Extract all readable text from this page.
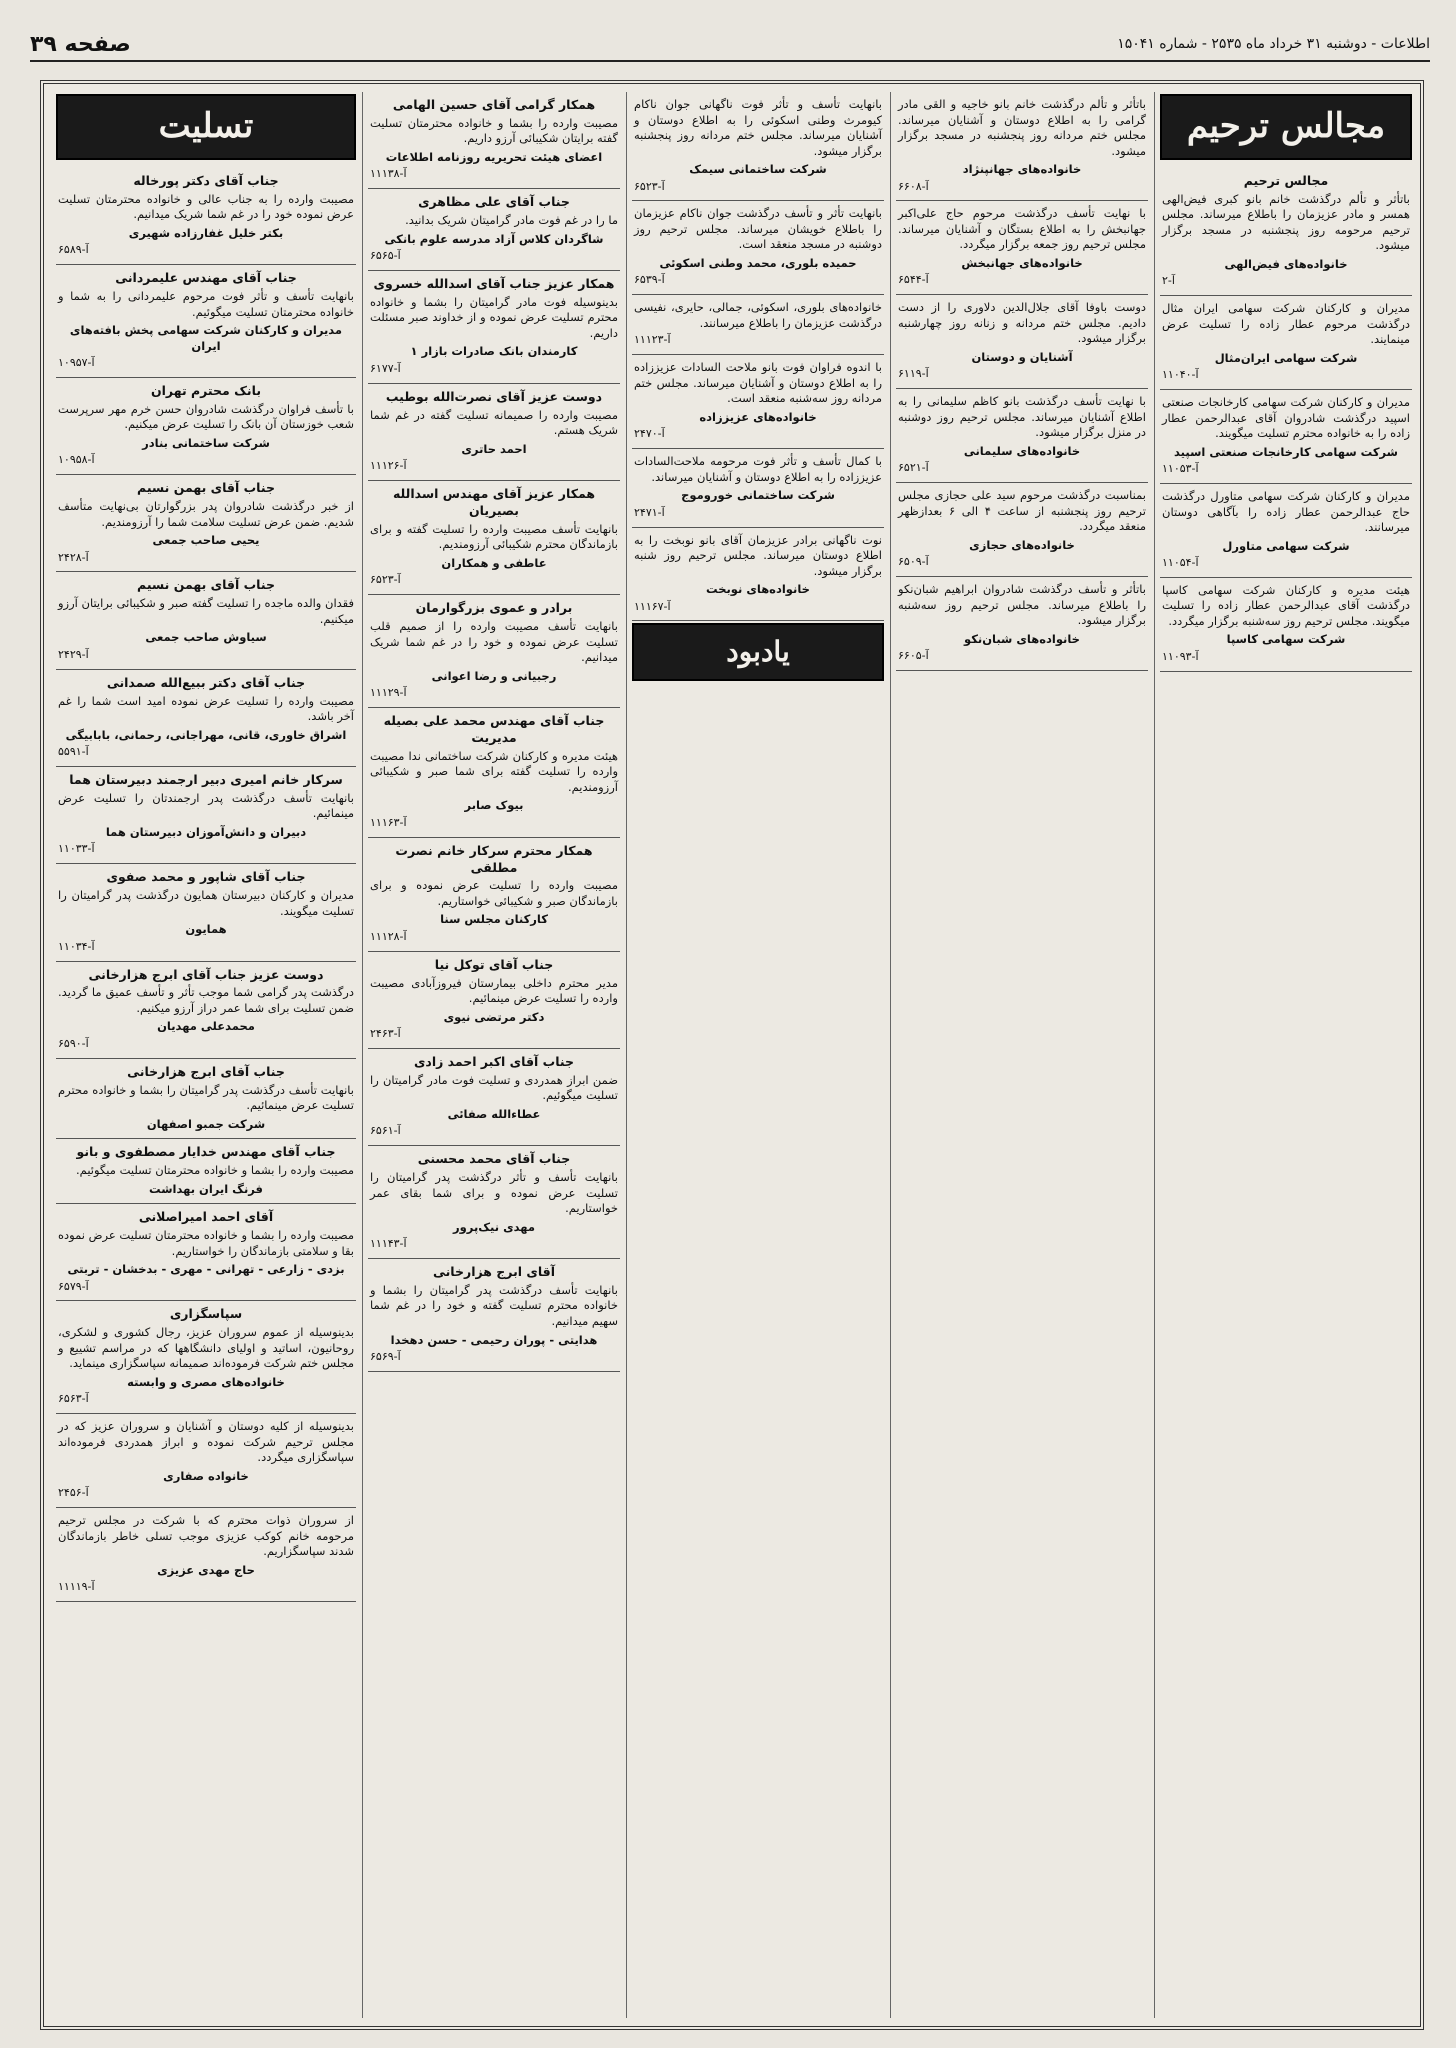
اطلاعات - دوشنبه ۳۱ خرداد ماه ۲۵۳۵ - شماره ۱۵۰۴۱
صفحه ۳۹
مجالس ترحیم
مجالس ترحیم
باتأثر و تألم درگذشت خانم بانو کبری فیض‌الهی همسر و مادر عزیزمان را باطلاع میرساند. مجلس ترحیم مرحومه روز پنجشنبه در مسجد برگزار میشود.
خانواده‌های فیض‌الهی
آ-۲
مدیران و کارکنان شرکت سهامی ایران مثال درگذشت مرحوم عطار زاده را تسلیت عرض مینمایند.
شرکت سهامی ایران‌مثال
آ-۱۱۰۴۰
مدیران و کارکنان شرکت سهامی کارخانجات صنعتی اسپید درگذشت شادروان آقای عبدالرحمن عطار زاده را به خانواده محترم تسلیت میگویند.
شرکت سهامی کارخانجات صنعتی اسپید
آ-۱۱۰۵۳
مدیران و کارکنان شرکت سهامی متاورل درگذشت حاج عبدالرحمن عطار زاده را بآگاهی دوستان میرسانند.
شرکت سهامی متاورل
آ-۱۱۰۵۴
هیئت مدیره و کارکنان شرکت سهامی کاسپا درگذشت آقای عبدالرحمن عطار زاده را تسلیت میگویند. مجلس ترحیم روز سه‌شنبه برگزار میگردد.
شرکت سهامی کاسپا
آ-۱۱۰۹۳
باتأثر و تألم درگذشت خانم بانو خاجیه و القی مادر گرامی را به اطلاع دوستان و آشنایان میرساند. مجلس ختم مردانه روز پنجشنبه در مسجد برگزار میشود.
خانواده‌های جهانپنژاد
آ-۶۶۰۸
با نهایت تأسف درگذشت مرحوم حاج علی‌اکبر جهانبخش را به اطلاع بستگان و آشنایان میرساند. مجلس ترحیم روز جمعه برگزار میگردد.
خانواده‌های جهانبخش
آ-۶۵۴۴
دوست باوفا آقای جلال‌الدین دلاوری را از دست دادیم. مجلس ختم مردانه و زنانه روز چهارشنبه برگزار میشود.
آشنایان و دوستان
آ-۶۱۱۹
با نهایت تأسف درگذشت بانو کاظم سلیمانی را به اطلاع آشنایان میرساند. مجلس ترحیم روز دوشنبه در منزل برگزار میشود.
خانواده‌های سلیمانی
آ-۶۵۲۱
بمناسبت درگذشت مرحوم سید علی حجازی مجلس ترحیم روز پنجشنبه از ساعت ۴ الی ۶ بعدازظهر منعقد میگردد.
خانواده‌های حجازی
آ-۶۵۰۹
باتأثر و تأسف درگذشت شادروان ابراهیم شبان‌نکو را باطلاع میرساند. مجلس ترحیم روز سه‌شنبه برگزار میشود.
خانواده‌های شبان‌نکو
آ-۶۶۰۵
بانهایت تأسف و تأثر فوت ناگهانی جوان ناکام کیومرث وطنی اسکوئی را به اطلاع دوستان و آشنایان میرساند. مجلس ختم مردانه روز پنجشنبه برگزار میشود.
شرکت ساختمانی سیمک
آ-۶۵۲۳
بانهایت تأثر و تأسف درگذشت جوان ناکام عزیزمان را باطلاع خویشان میرساند. مجلس ترحیم روز دوشنبه در مسجد منعقد است.
حمیده بلوری، محمد وطنی اسکوئی
آ-۶۵۳۹
خانواده‌های بلوری، اسکوئی، جمالی، حایری، نفیسی درگذشت عزیزمان را باطلاع میرسانند.
آ-۱۱۱۲۳
با اندوه فراوان فوت بانو ملاحت السادات عزیززاده را به اطلاع دوستان و آشنایان میرساند. مجلس ختم مردانه روز سه‌شنبه منعقد است.
خانواده‌های عزیززاده
آ-۲۴۷۰
با کمال تأسف و تأثر فوت مرحومه ملاحت‌السادات عزیززاده را به اطلاع دوستان و آشنایان میرساند.
شرکت ساختمانی خوروموج
آ-۲۴۷۱
نوت ناگهانی برادر عزیزمان آقای بانو نوبخت را به اطلاع دوستان میرساند. مجلس ترحیم روز شنبه برگزار میشود.
خانواده‌های نوبخت
آ-۱۱۱۶۷
یادبود
همکار گرامی آقای حسین الهامی
مصیبت وارده را بشما و خانواده محترمتان تسلیت گفته برایتان شکیبائی آرزو داریم.
اعضای هیئت تحریریه روزنامه اطلاعات
آ-۱۱۱۳۸
جناب آقای علی مظاهری
ما را در غم فوت مادر گرامیتان شریک بدانید.
شاگردان کلاس آزاد مدرسه علوم بانکی
آ-۶۵۶۵
همکار عزیز جناب آقای اسدالله خسروی
بدینوسیله فوت مادر گرامیتان را بشما و خانواده محترم تسلیت عرض نموده و از خداوند صبر مسئلت داریم.
کارمندان بانک صادرات بازار ۱
آ-۶۱۷۷
دوست عزیز آقای نصرت‌الله بوطیب
مصیبت وارده را صمیمانه تسلیت گفته در غم شما شریک هستم.
احمد حاتری
آ-۱۱۱۲۶
همکار عزیز آقای مهندس اسدالله بصیریان
بانهایت تأسف مصیبت وارده را تسلیت گفته و برای بازماندگان محترم شکیبائی آرزومندیم.
عاطفی و همکاران
آ-۶۵۲۳
برادر و عموی بزرگوارمان
بانهایت تأسف مصیبت وارده را از صمیم قلب تسلیت عرض نموده و خود را در غم شما شریک میدانیم.
رجبیانی و رضا اعوانی
آ-۱۱۱۲۹
جناب آقای مهندس محمد علی بصیله مدیریت
هیئت مدیره و کارکنان شرکت ساختمانی ندا مصیبت وارده را تسلیت گفته برای شما صبر و شکیبائی آرزومندیم.
بیوک صابر
آ-۱۱۱۶۳
همکار محترم سرکار خانم نصرت مطلقی
مصیبت وارده را تسلیت عرض نموده و برای بازماندگان صبر و شکیبائی خواستاریم.
کارکنان مجلس سنا
آ-۱۱۱۲۸
جناب آقای توکل نیا
مدیر محترم داخلی بیمارستان فیروزآبادی مصیبت وارده را تسلیت عرض مینمائیم.
دکتر مرتضی نیوی
آ-۲۴۶۳
جناب آقای اکبر احمد زادی
ضمن ابراز همدردی و تسلیت فوت مادر گرامیتان را تسلیت میگوئیم.
عطاءالله صفائی
آ-۶۵۶۱
جناب آقای محمد محسنی
بانهایت تأسف و تأثر درگذشت پدر گرامیتان را تسلیت عرض نموده و برای شما بقای عمر خواستاریم.
مهدی نیک‌پرور
آ-۱۱۱۴۳
آقای ابرج هزارخانی
بانهایت تأسف درگذشت پدر گرامیتان را بشما و خانواده محترم تسلیت گفته و خود را در غم شما سهیم میدانیم.
هدایتی - پوران رحیمی - حسن دهخدا
آ-۶۵۶۹
تسلیت
جناب آقای دکتر پورخاله
مصیبت وارده را به جناب عالی و خانواده محترمتان تسلیت عرض نموده خود را در غم شما شریک میدانیم.
بکتر خلیل غفارزاده شهیری
آ-۶۵۸۹
جناب آقای مهندس علیمردانی
بانهایت تأسف و تأثر فوت مرحوم علیمردانی را به شما و خانواده محترمتان تسلیت میگوئیم.
مدیران و کارکنان شرکت سهامی پخش بافته‌های ایران
آ-۱۰۹۵۷
بانک محترم تهران
با تأسف فراوان درگذشت شادروان حسن خرم مهر سرپرست شعب خوزستان آن بانک را تسلیت عرض میکنیم.
شرکت ساختمانی بنادر
آ-۱۰۹۵۸
جناب آقای بهمن نسیم
از خبر درگذشت شادروان پدر بزرگوارتان بی‌نهایت متأسف شدیم. ضمن عرض تسلیت سلامت شما را آرزومندیم.
یحیی صاحب جمعی
آ-۲۴۲۸
جناب آقای بهمن نسیم
فقدان والده ماجده را تسلیت گفته صبر و شکیبائی برایتان آرزو میکنیم.
سیاوش صاحب جمعی
آ-۲۴۲۹
جناب آقای دکتر ببیع‌الله صمدانی
مصیبت وارده را تسلیت عرض نموده امید است شما را غم آخر باشد.
اشراق خاوری، قانی، مهراجانی، رحمانی، بابابیگی
آ-۵۵۹۱
سرکار خانم امیری دبیر ارجمند دبیرستان هما
بانهایت تأسف درگذشت پدر ارجمندتان را تسلیت عرض مینمائیم.
دبیران و دانش‌آموزان دبیرستان هما
آ-۱۱۰۳۳
جناب آقای شاپور و محمد صفوی
مدیران و کارکنان دبیرستان همایون درگذشت پدر گرامیتان را تسلیت میگویند.
همایون
آ-۱۱۰۳۴
دوست عزیز جناب آقای ابرج هزارخانی
درگذشت پدر گرامی شما موجب تأثر و تأسف عمیق ما گردید. ضمن تسلیت برای شما عمر دراز آرزو میکنیم.
محمدعلی مهدیان
آ-۶۵۹۰
جناب آقای ابرج هزارخانی
بانهایت تأسف درگذشت پدر گرامیتان را بشما و خانواده محترم تسلیت عرض مینمائیم.
شرکت جمبو اصفهان
جناب آقای مهندس خدایار مصطفوی و بانو
مصیبت وارده را بشما و خانواده محترمتان تسلیت میگوئیم.
فرنگ ایران بهداشت
آقای احمد امیراصلانی
مصیبت وارده را بشما و خانواده محترمتان تسلیت عرض نموده بقا و سلامتی بازماندگان را خواستاریم.
بزدی - زارعی - تهرانی - مهری - بدخشان - تربتی
آ-۶۵۷۹
سپاسگزاری
بدینوسیله از عموم سروران عزیز، رجال کشوری و لشکری، روحانیون، اساتید و اولیای دانشگاهها که در مراسم تشییع و مجلس ختم شرکت فرموده‌اند صمیمانه سپاسگزاری مینماید.
خانواده‌های مصری و وابسته
آ-۶۵۶۳
بدینوسیله از کلیه دوستان و آشنایان و سروران عزیز که در مجلس ترحیم شرکت نموده و ابراز همدردی فرموده‌اند سپاسگزاری میگردد.
خانواده صفاری
آ-۲۴۵۶
از سروران ذوات محترم که با شرکت در مجلس ترحیم مرحومه خانم کوکب عزیزی موجب تسلی خاطر بازماندگان شدند سپاسگزاریم.
حاج مهدی عزیزی
آ-۱۱۱۱۹
